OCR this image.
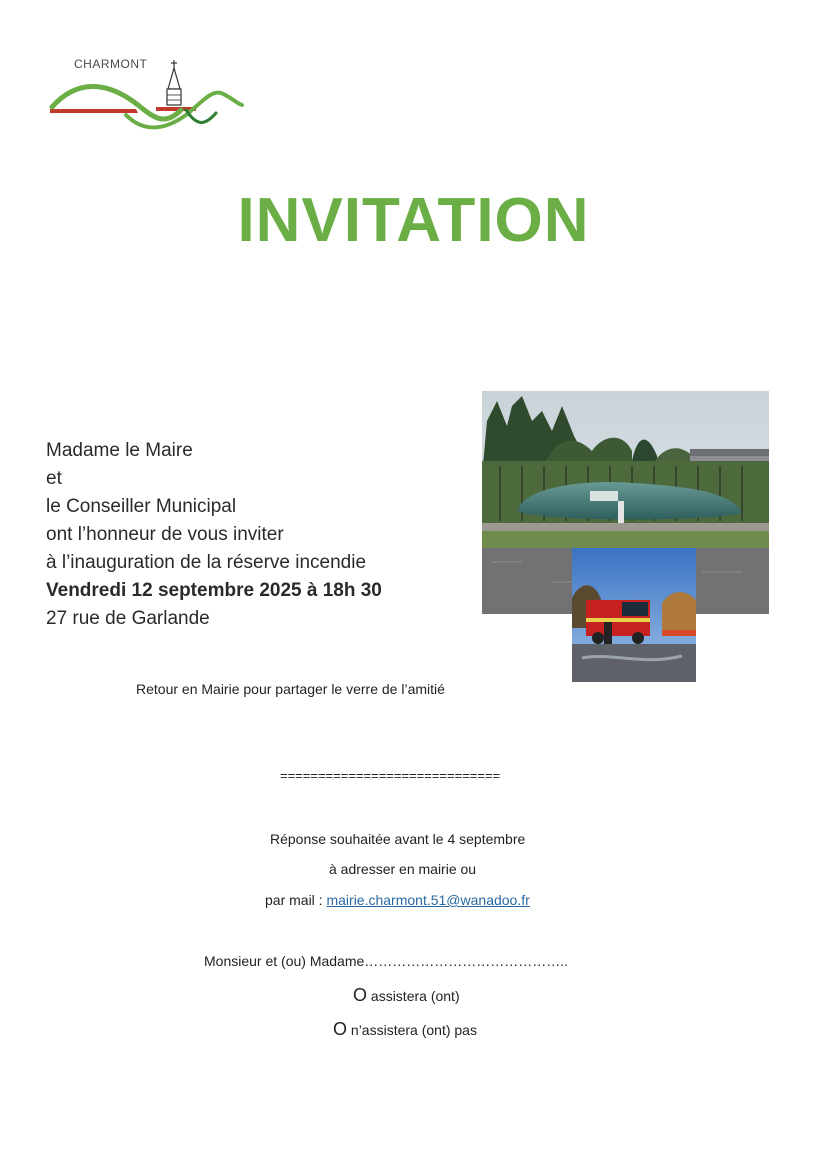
CHARMONT
INVITATION
Madame le Maire
et
le Conseiller Municipal
ont l’honneur de vous inviter
à l’inauguration de la réserve incendie
Vendredi 12 septembre 2025 à 18h 30
27 rue de Garlande
Retour en Mairie pour partager le verre de l’amitié
=============================
Réponse souhaitée avant le 4 septembre
à adresser en mairie ou
par mail : mairie.charmont.51@wanadoo.fr
Monsieur et (ou) Madame……………………………………..
O assistera (ont)
O n’assistera (ont) pas
